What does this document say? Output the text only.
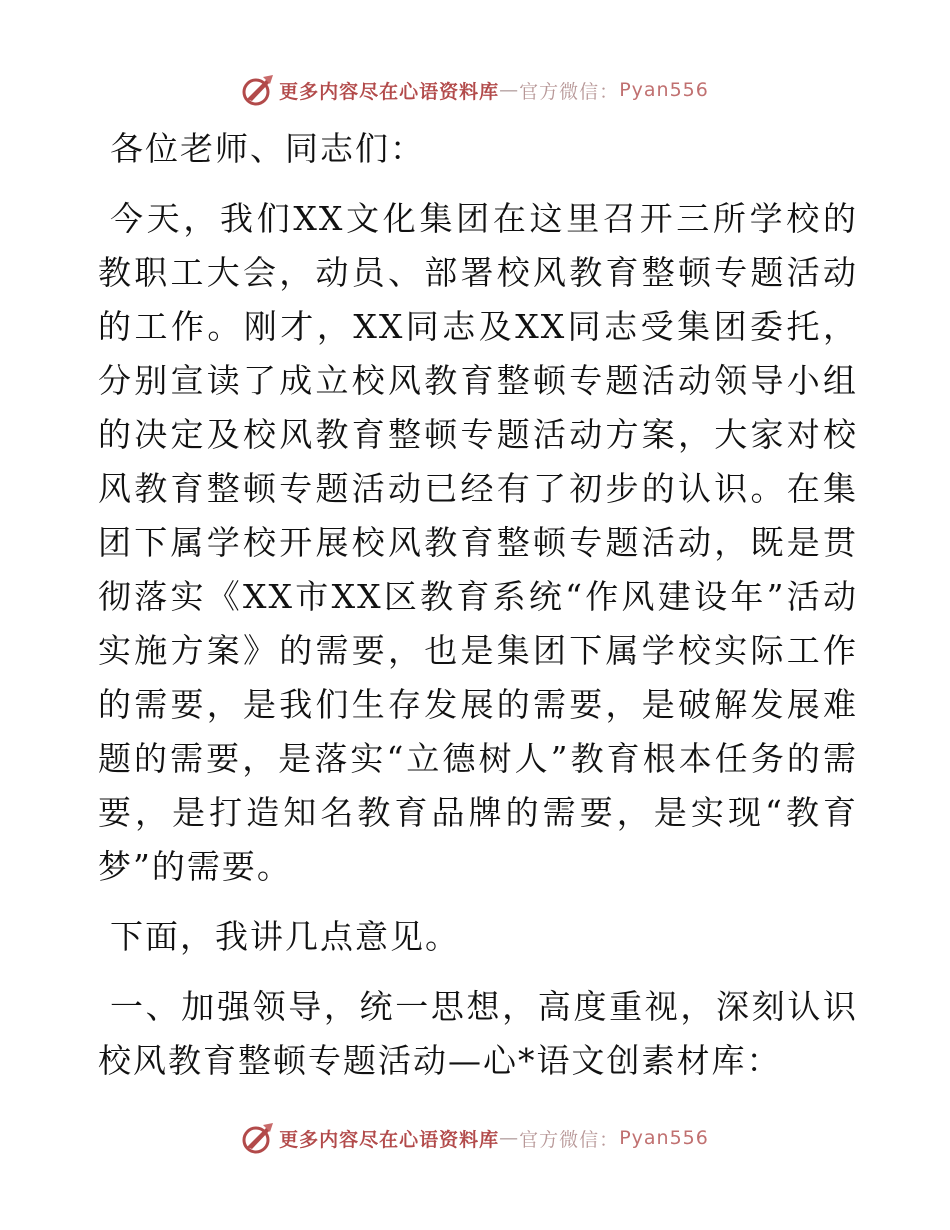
更多内容尽在心语资料库 — 官方微信： Pyan556

各位老师、同志们：

今天，我们XX文化集团在这里召开三所学校的教职工大会，动员、部署校风教育整顿专题活动的工作。刚才，XX同志及XX同志受集团委托，分别宣读了成立校风教育整顿专题活动领导小组的决定及校风教育整顿专题活动方案，大家对校风教育整顿专题活动已经有了初步的认识。在集团下属学校开展校风教育整顿专题活动，既是贯彻落实《XX市XX区教育系统“作风建设年”活动实施方案》的需要，也是集团下属学校实际工作的需要，是我们生存发展的需要，是破解发展难题的需要，是落实“立德树人”教育根本任务的需要，是打造知名教育品牌的需要，是实现“教育梦”的需要。

下面，我讲几点意见。

一、加强领导，统一思想，高度重视，深刻认识校风教育整顿专题活动—心*语文创素材库：

更多内容尽在心语资料库 — 官方微信： Pyan556
